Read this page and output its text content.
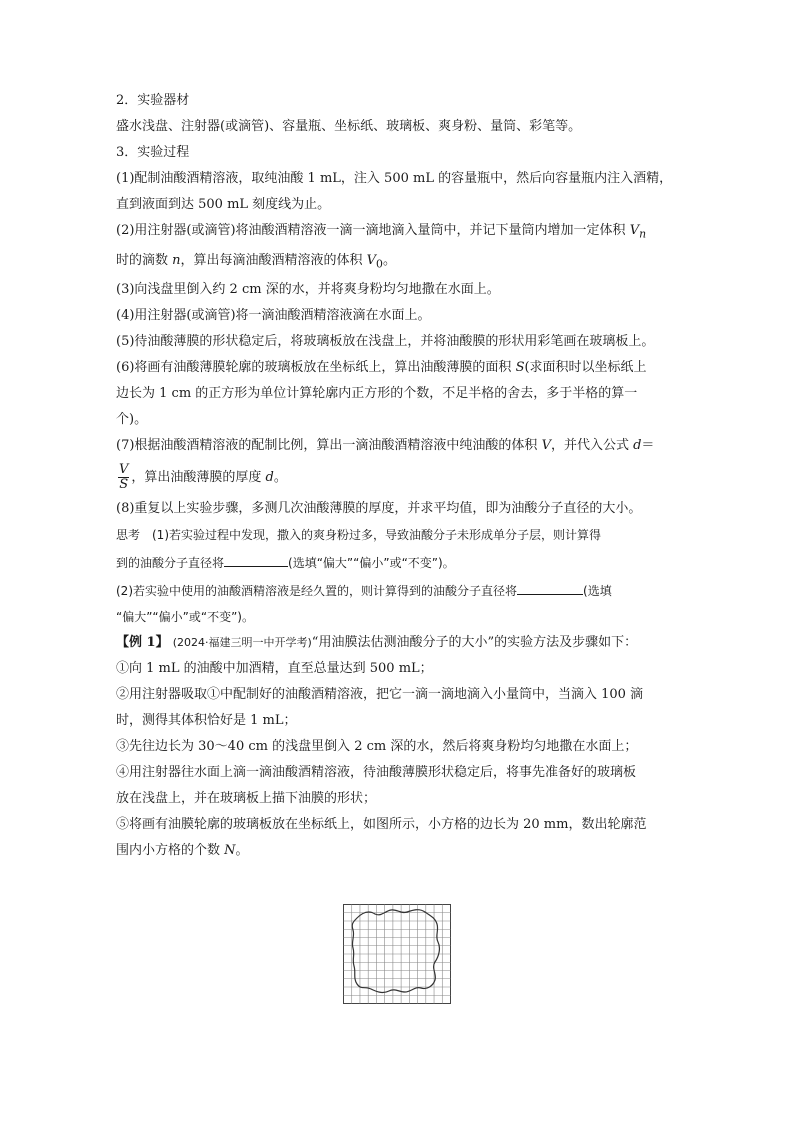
2．实验器材
盛水浅盘、注射器(或滴管)、容量瓶、坐标纸、玻璃板、爽身粉、量筒、彩笔等。
3．实验过程
(1)配制油酸酒精溶液，取纯油酸 1 mL，注入 500 mL 的容量瓶中，然后向容量瓶内注入酒精，
直到液面到达 500 mL 刻度线为止。
(2)用注射器(或滴管)将油酸酒精溶液一滴一滴地滴入量筒中，并记下量筒内增加一定体积 $V_n$
时的滴数 n，算出每滴油酸酒精溶液的体积 $V_0$。
(3)向浅盘里倒入约 2 cm 深的水，并将爽身粉均匀地撒在水面上。
(4)用注射器(或滴管)将一滴油酸酒精溶液滴在水面上。
(5)待油酸薄膜的形状稳定后，将玻璃板放在浅盘上，并将油酸膜的形状用彩笔画在玻璃板上。
(6)将画有油酸薄膜轮廓的玻璃板放在坐标纸上，算出油酸薄膜的面积 S(求面积时以坐标纸上
边长为 1 cm 的正方形为单位计算轮廓内正方形的个数，不足半格的舍去，多于半格的算一
个)。
(7)根据油酸酒精溶液的配制比例，算出一滴油酸酒精溶液中纯油酸的体积 V，并代入公式 d＝
$\frac{V}{S}$ ，算出油酸薄膜的厚度 d。
(8)重复以上实验步骤，多测几次油酸薄膜的厚度，并求平均值，即为油酸分子直径的大小。
思考　(1)若实验过程中发现，撒入的爽身粉过多，导致油酸分子未形成单分子层，则计算得
到的油酸分子直径将	(选填“偏大”“偏小”或“不变”)。
(2)若实验中使用的油酸酒精溶液是经久置的，则计算得到的油酸分子直径将	(选填
“偏大”“偏小”或“不变”)。
【例 1】 (2024·福建三明一中开学考)“用油膜法估测油酸分子的大小”的实验方法及步骤如下：
①向 1 mL 的油酸中加酒精，直至总量达到 500 mL；
②用注射器吸取①中配制好的油酸酒精溶液，把它一滴一滴地滴入小量筒中，当滴入 100 滴
时，测得其体积恰好是 1 mL；
③先往边长为 30～40 cm 的浅盘里倒入 2 cm 深的水，然后将爽身粉均匀地撒在水面上；
④用注射器往水面上滴一滴油酸酒精溶液，待油酸薄膜形状稳定后，将事先准备好的玻璃板
放在浅盘上，并在玻璃板上描下油膜的形状；
⑤将画有油膜轮廓的玻璃板放在坐标纸上，如图所示，小方格的边长为 20 mm，数出轮廓范
围内小方格的个数 N。
